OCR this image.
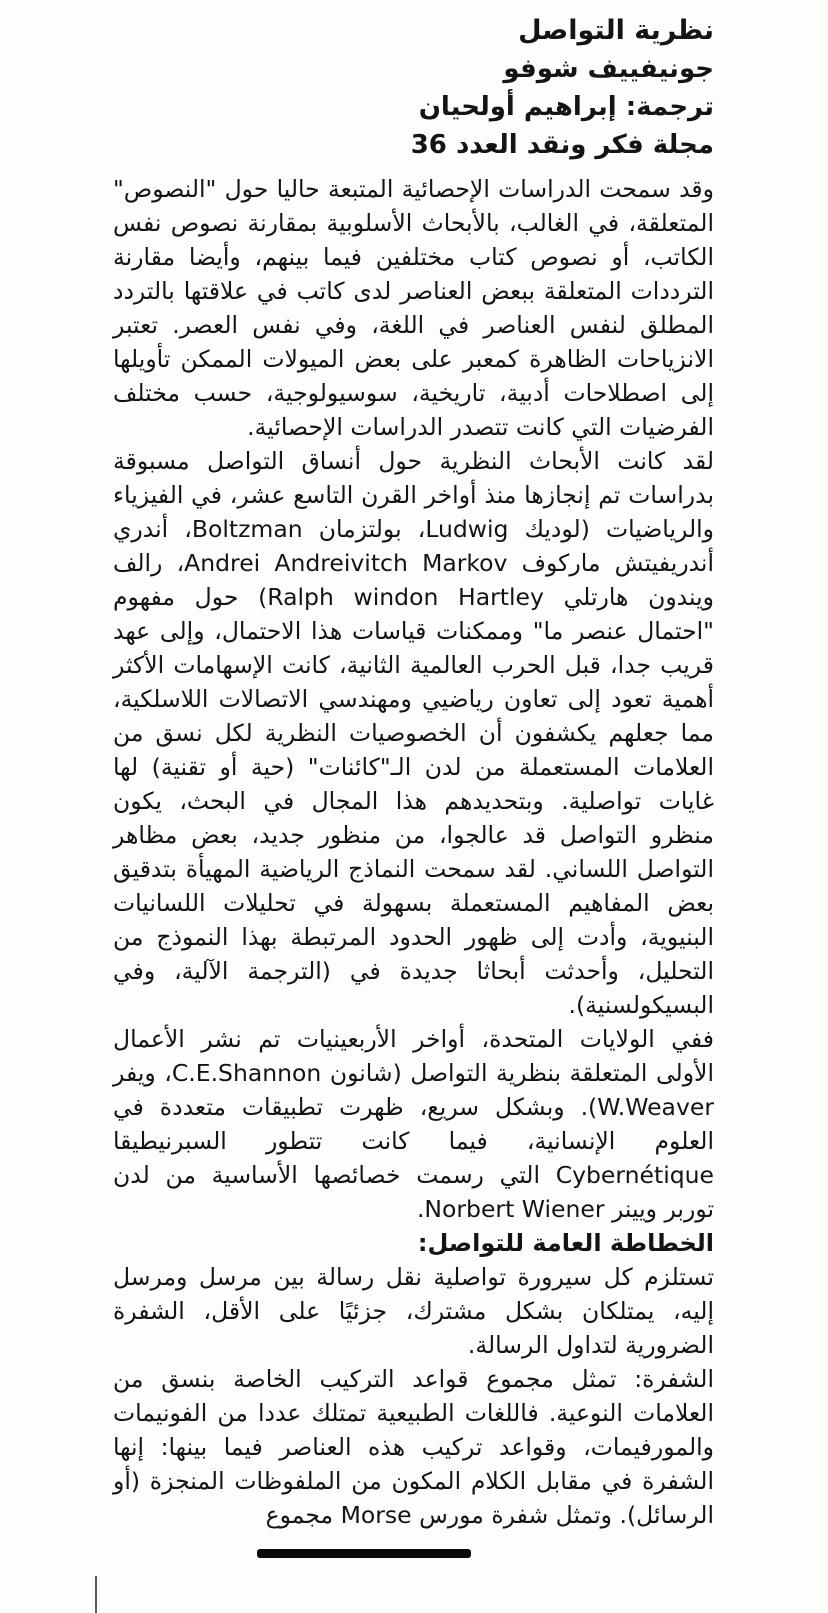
نظرية التواصل
جونيفييف شوفو
ترجمة: إبراهيم أولحيان
مجلة فكر ونقد العدد 36

وقد سمحت الدراسات الإحصائية المتبعة حاليا حول "النصوص" المتعلقة، في الغالب، بالأبحاث الأسلوبية بمقارنة نصوص نفس الكاتب، أو نصوص كتاب مختلفين فيما بينهم، وأيضا مقارنة الترددات المتعلقة ببعض العناصر لدى كاتب في علاقتها بالتردد المطلق لنفس العناصر في اللغة، وفي نفس العصر. تعتبر الانزياحات الظاهرة كمعبر على بعض الميولات الممكن تأويلها إلى اصطلاحات أدبية، تاريخية، سوسيولوجية، حسب مختلف الفرضيات التي كانت تتصدر الدراسات الإحصائية.

لقد كانت الأبحاث النظرية حول أنساق التواصل مسبوقة بدراسات تم إنجازها منذ أواخر القرن التاسع عشر، في الفيزياء والرياضيات (لوديك Ludwig، بولتزمان Boltzman، أندري أندريفيتش ماركوف Andrei Andreivitch Markov، رالف ويندون هارتلي Ralph windon Hartley) حول مفهوم "احتمال عنصر ما" وممكنات قياسات هذا الاحتمال، وإلى عهد قريب جدا، قبل الحرب العالمية الثانية، كانت الإسهامات الأكثر أهمية تعود إلى تعاون رياضيي ومهندسي الاتصالات اللاسلكية، مما جعلهم يكشفون أن الخصوصيات النظرية لكل نسق من العلامات المستعملة من لدن الـ"كائنات" (حية أو تقنية) لها غايات تواصلية. وبتحديدهم هذا المجال في البحث، يكون منظرو التواصل قد عالجوا، من منظور جديد، بعض مظاهر التواصل اللساني. لقد سمحت النماذج الرياضية المهيأة بتدقيق بعض المفاهيم المستعملة بسهولة في تحليلات اللسانيات البنيوية، وأدت إلى ظهور الحدود المرتبطة بهذا النموذج من التحليل، وأحدثت أبحاثا جديدة في (الترجمة الآلية، وفي البسيكولسنية).

ففي الولايات المتحدة، أواخر الأربعينيات تم نشر الأعمال الأولى المتعلقة بنظرية التواصل (شانون C.E.Shannon، ويفر W.Weaver). وبشكل سريع، ظهرت تطبيقات متعددة في العلوم الإنسانية، فيما كانت تتطور السبرنيطيقا Cybernétique التي رسمت خصائصها الأساسية من لدن توربر ويينر Norbert Wiener.

الخطاطة العامة للتواصل:

تستلزم كل سيرورة تواصلية نقل رسالة بين مرسل ومرسل إليه، يمتلكان بشكل مشترك، جزئيًا على الأقل، الشفرة الضرورية لتداول الرسالة.

الشفرة: تمثل مجموع قواعد التركيب الخاصة بنسق من العلامات النوعية. فاللغات الطبيعية تمتلك عددا من الفونيمات والمورفيمات، وقواعد تركيب هذه العناصر فيما بينها: إنها الشفرة في مقابل الكلام المكون من الملفوظات المنجزة (أو الرسائل). وتمثل شفرة مورس Morse مجموع
